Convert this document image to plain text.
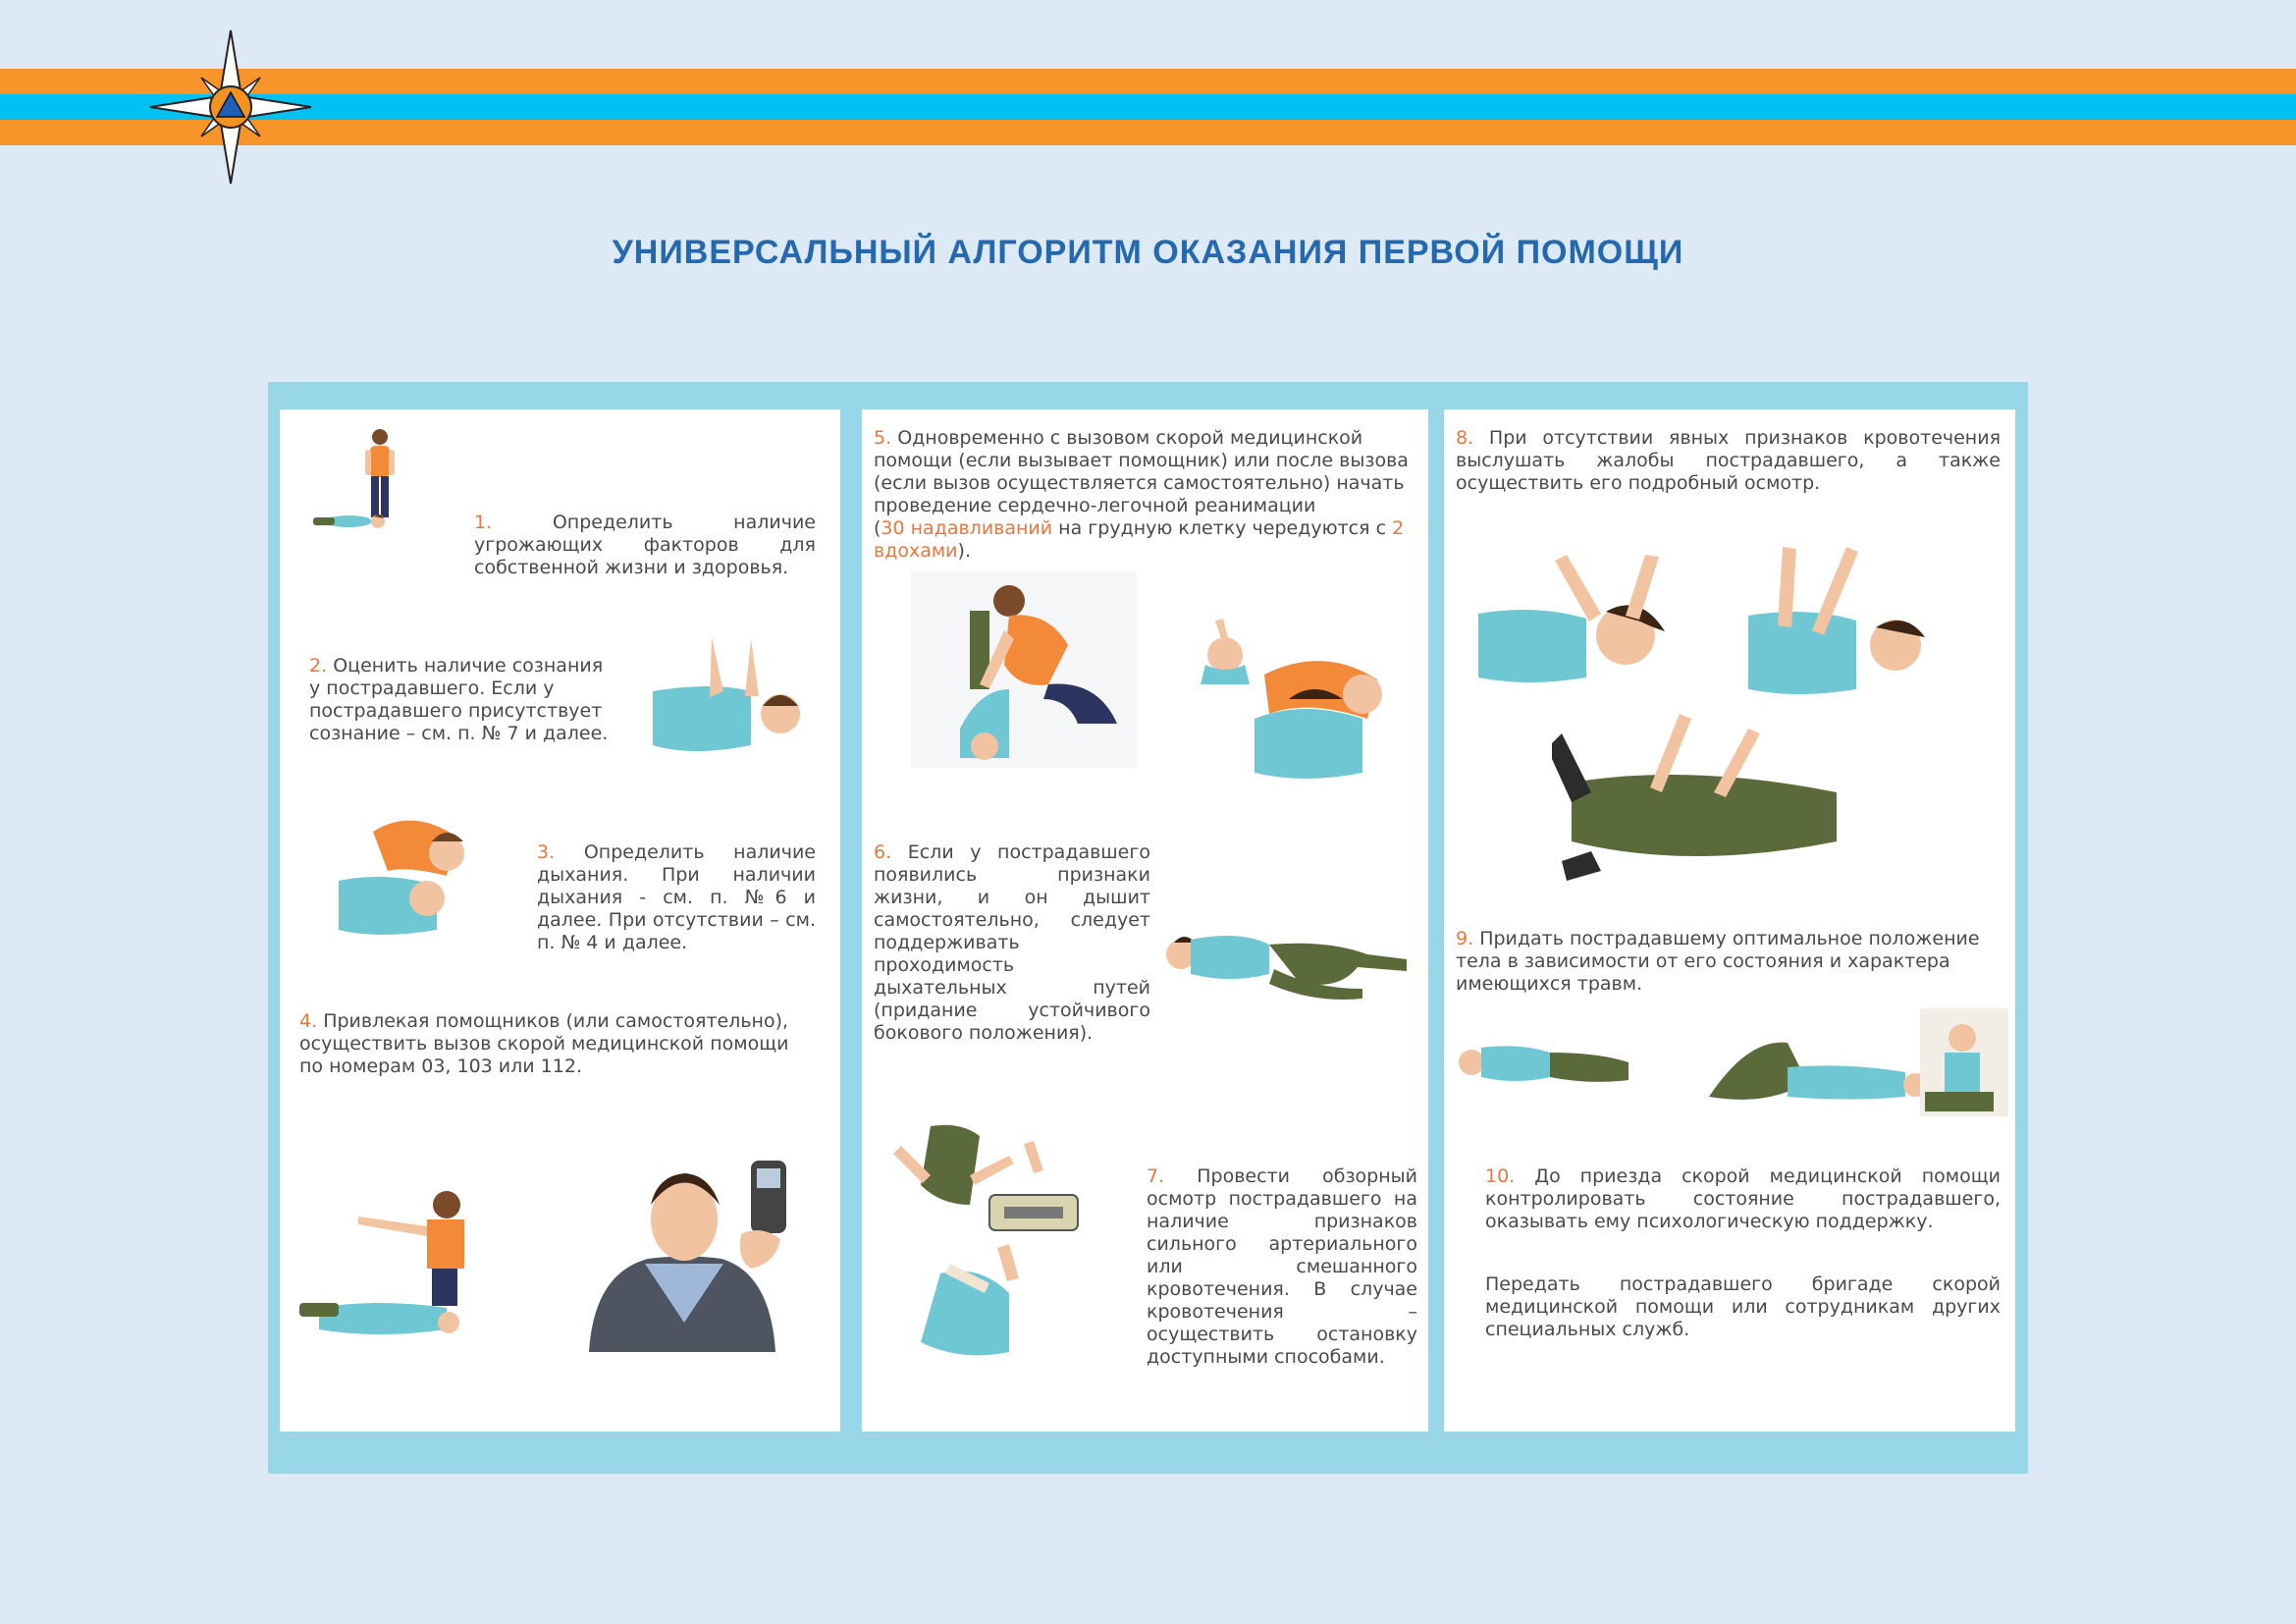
УНИВЕРСАЛЬНЫЙ АЛГОРИТМ ОКАЗАНИЯ ПЕРВОЙ ПОМОЩИ
1.	Определить наличие угрожающих факторов для собственной жизни и здоровья.
2. Оценить наличие сознания у пострадавшего. Если у пострадавшего присутствует сознание – см. п. № 7 и далее.
3. Определить наличие дыхания. При наличии дыхания - см. п. №6 и далее. При отсутствии – см. п. № 4 и далее.
4. Привлекая помощников (или самостоятельно), осуществить вызов скорой медицинской помощи по номерам 03, 103 или 112.
5. Одновременно с вызовом скорой медицинской помощи (если вызывает помощник) или после вызова (если вызов осуществляется самостоятельно) начать проведение сердечно-легочной реанимации
(30 надавливаний на грудную клетку чередуются с 2 вдохами).
6. Если у пострадавшего появились признаки жизни, и он дышит самостоятельно, следует поддерживать проходимость дыхательных путей (придание устойчивого бокового положения).
7. Провести обзорный осмотр пострадавшего на наличие признаков сильного артериального или смешанного кровотечения. В случае кровотечения – осуществить остановку доступными способами.
8. При отсутствии явных признаков кровотечения выслушать жалобы пострадавшего, а также осуществить его подробный осмотр.
9. Придать пострадавшему оптимальное положение тела в зависимости от его состояния и характера имеющихся травм.
10. До приезда скорой медицинской помощи контролировать состояние пострадавшего, оказывать ему психологическую поддержку.
Передать пострадавшего бригаде скорой медицинской помощи или сотрудникам других специальных служб.
